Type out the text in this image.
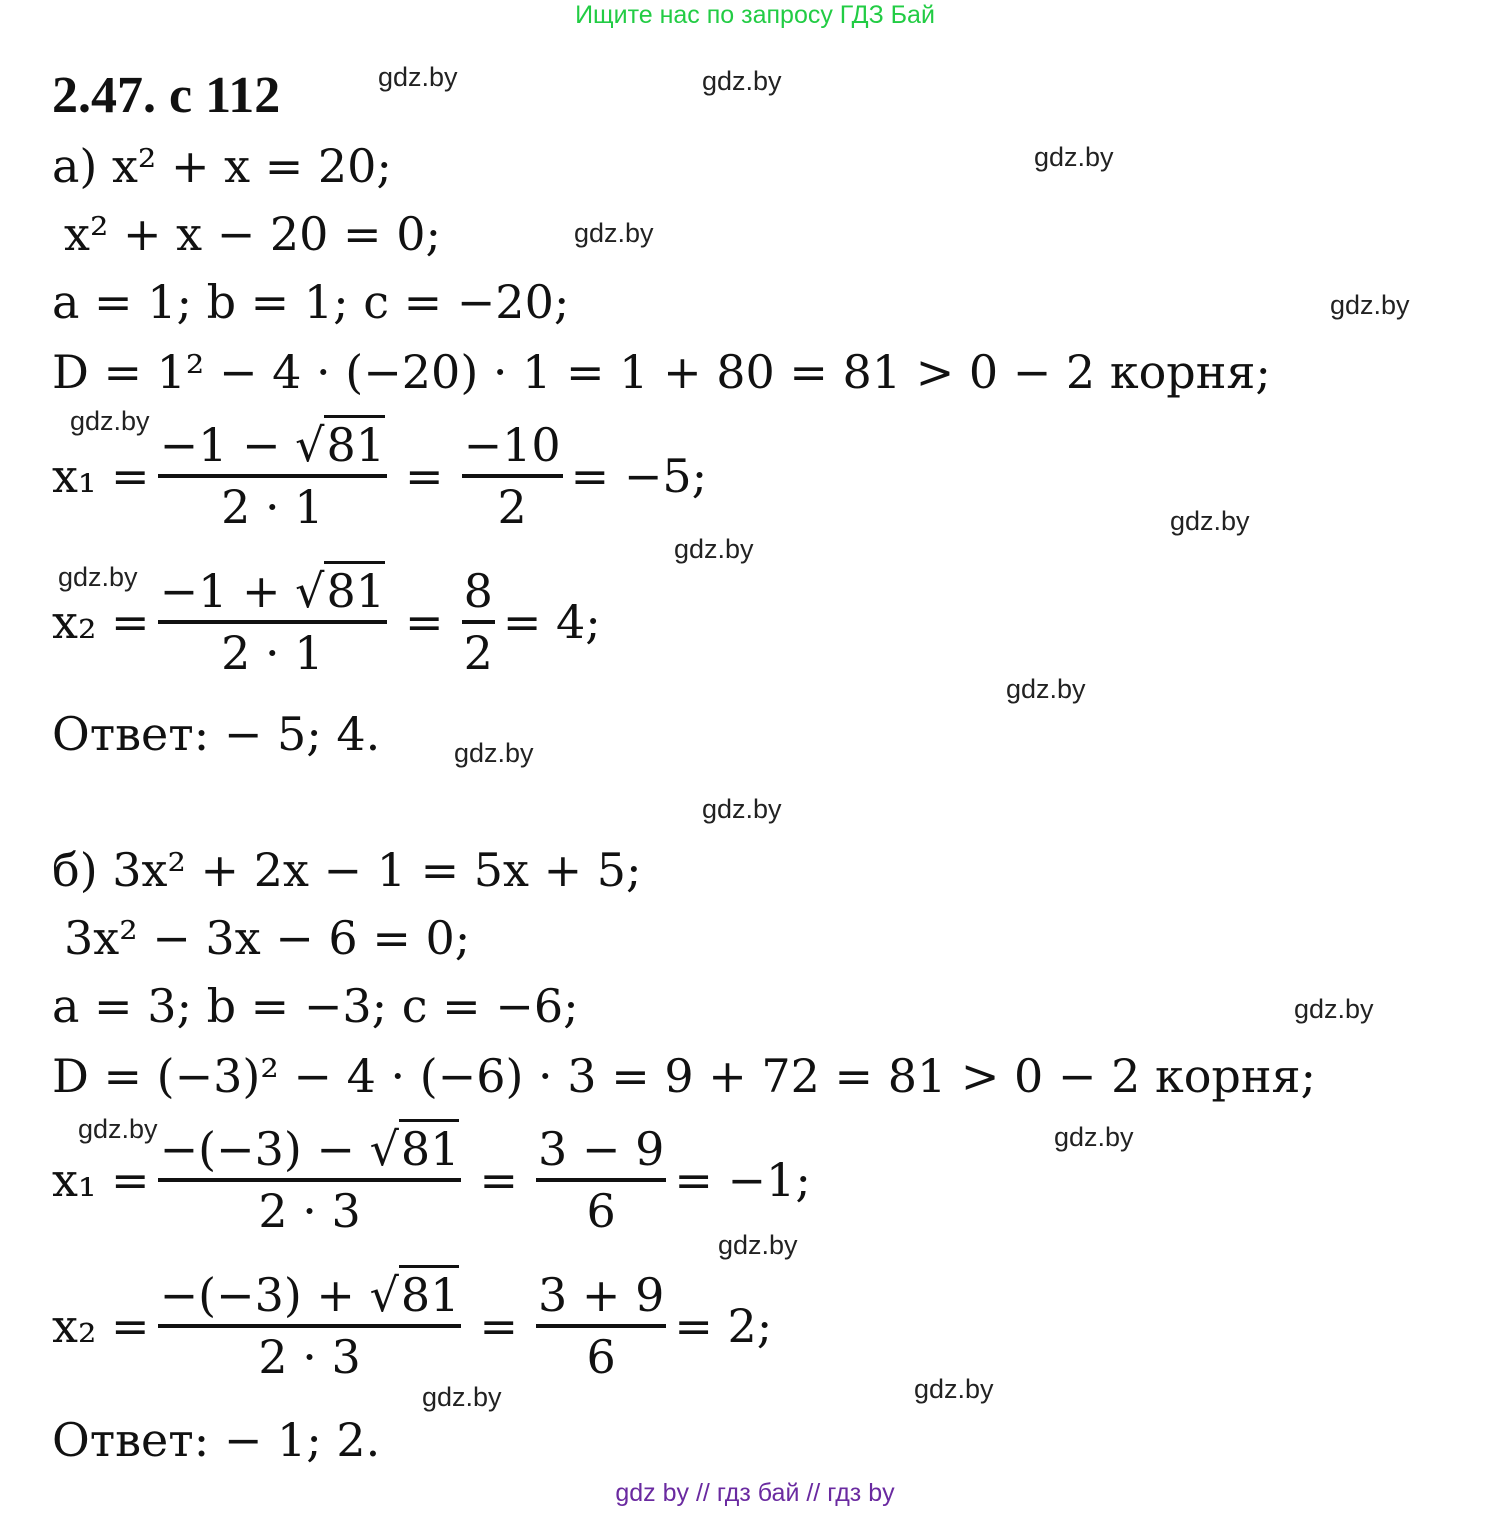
Ищите нас по запросу ГДЗ Бай
2.47. с 112	gdz.by	gdz.by
gdz.by
gdz.by
gdz.by
gdz.by
gdz.by
gdz.by
gdz.by
gdz.by
gdz.by
gdz.by
gdz.by
gdz.by	gdz.by
gdz.by
gdz.by
gdz.by
а) x² + x = 20;
x² + x − 20 = 0;
a = 1; b = 1; c = −20;
D = 1² − 4 · (−20) · 1 = 1 + 80 = 81 > 0 − 2 корня;
$x_1 = \frac{-1 - √81}{2 \cdot 1} = \frac{-10}{2} = -5$;
$x_2 = \frac{-1 + √81}{2 \cdot 1} = \frac{8}{2} = 4$;
Ответ: − 5; 4.
б) 3x² + 2x − 1 = 5x + 5;
3x² − 3x − 6 = 0;
a = 3; b = −3; c = −6;
D = (−3)² − 4 · (−6) · 3 = 9 + 72 = 81 > 0 − 2 корня;
$x_1 = \frac{-(-3) - √81}{2 \cdot 3} = \frac{3 - 9}{6} = -1$;
$x_2 = \frac{-(-3) + √81}{2 \cdot 3} = \frac{3 + 9}{6} = 2$;
Ответ: − 1; 2.
gdz by // гдз бай // гдз by
